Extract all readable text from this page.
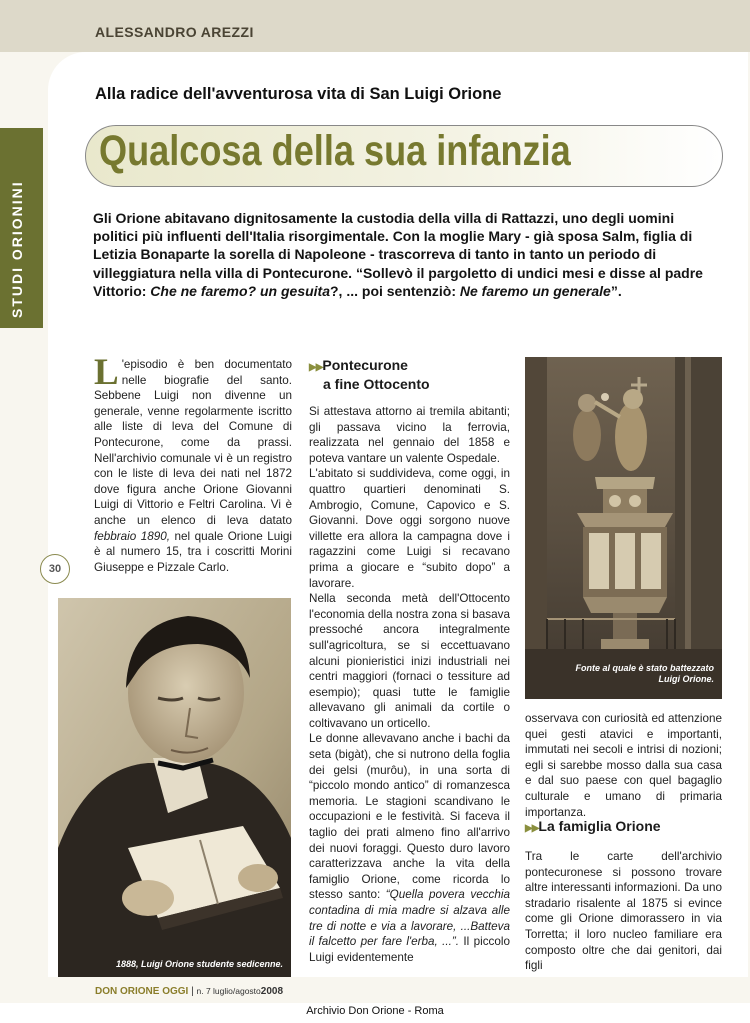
ALESSANDRO AREZZI
STUDI ORIONINI
Alla radice dell'avventurosa vita di San Luigi Orione
Qualcosa della sua infanzia
Gli Orione abitavano dignitosamente la custodia della villa di Rattazzi, uno degli uomini politici più influenti dell'Italia risorgimentale. Con la moglie Mary - già sposa Salm, figlia di Letizia Bonaparte la sorella di Napoleone - trascorreva di tanto in tanto un periodo di villeggiatura nella villa di Pontecurone. “Sollevò il pargoletto di undici mesi e disse al padre Vittorio: Che ne faremo? un gesuita?, ... poi sentenziò: Ne faremo un generale”.
L 'episodio è ben documentato nelle biografie del santo. Sebbene Luigi non divenne un generale, venne regolarmente iscritto alle liste di leva del Comune di Pontecurone, come da prassi. Nell'archivio comunale vi è un registro con le liste di leva dei nati nel 1872 dove figura anche Orione Giovanni Luigi di Vittorio e Feltri Carolina. Vi è anche un elenco di leva datato febbraio 1890, nel quale Orione Luigi è al numero 15, tra i coscritti Morini Giuseppe e Pizzale Carlo.
30
1888, Luigi Orione studente sedicenne.
▶▶Pontecurone
a fine Ottocento
Si attestava attorno ai tremila abitanti; gli passava vicino la ferrovia, realizzata nel gennaio del 1858 e poteva vantare un valente Ospedale.
L'abitato si suddivideva, come oggi, in quattro quartieri denominati S. Ambrogio, Comune, Capovico e S. Giovanni. Dove oggi sorgono nuove villette era allora la campagna dove i ragazzini come Luigi si recavano prima a giocare e “subito dopo” a lavorare.
Nella seconda metà dell'Ottocento l'economia della nostra zona si basava pressoché ancora integralmente sull'agricoltura, se si eccettuavano alcuni pionieristici inizi industriali nei centri maggiori (fornaci o tessiture ad esempio); quasi tutte le famiglie allevavano gli animali da cortile o coltivavano un orticello.
Le donne allevavano anche i bachi da seta (bigàt), che si nutrono della foglia dei gelsi (murôu), in una sorta di “piccolo mondo antico” di romanzesca memoria. Le stagioni scandivano le occupazioni e le festività. Si faceva il taglio dei prati almeno fino all'arrivo dei nuovi foraggi. Questo duro lavoro caratterizzava anche la vita della famiglio Orione, come ricorda lo stesso santo: “Quella povera vecchia contadina di mia madre si alzava alle tre di notte e via a lavorare, ...Batteva il falcetto per fare l'erba, ...”. Il piccolo Luigi evidentemente
Fonte al quale è stato battezzato
Luigi Orione.
osservava con curiosità ed attenzione quei gesti atavici e importanti, immutati nei secoli e intrisi di nozioni; egli si sarebbe mosso dalla sua casa e dal suo paese con quel bagaglio culturale e umano di primaria importanza.
▶▶La famiglia Orione
Tra le carte dell'archivio pontecuronese si possono trovare altre interessanti informazioni. Da uno stradario risalente al 1875 si evince come gli Orione dimorassero in via Torretta; il loro nucleo familiare era composto oltre che dai genitori, dai figli
DON ORIONE OGGI | n. 7 luglio/agosto2008
Archivio Don Orione - Roma
